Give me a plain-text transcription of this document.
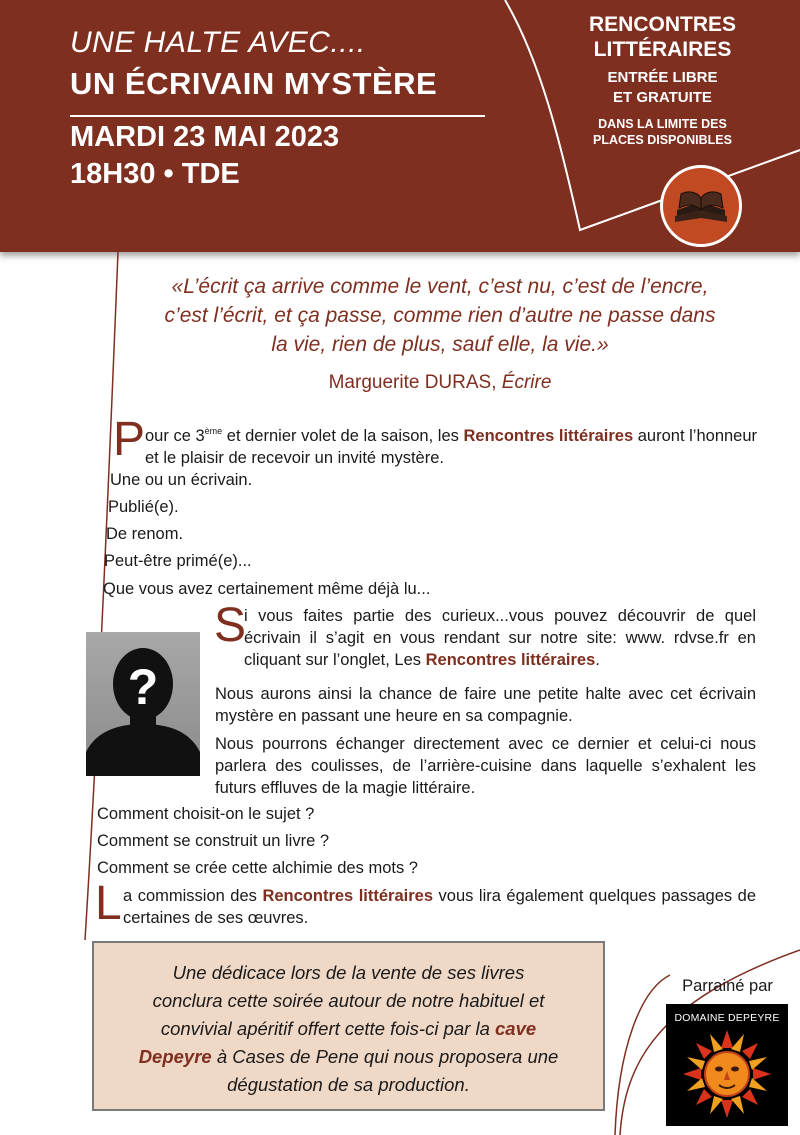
UNE HALTE AVEC....
UN ÉCRIVAIN MYSTÈRE
MARDI 23 MAI 2023
18H30 • TDE
RENCONTRES
LITTÉRAIRES
ENTRÉE LIBRE
ET GRATUITE
DANS LA LIMITE DES
PLACES DISPONIBLES
«L’écrit ça arrive comme le vent, c’est nu, c’est de l’encre,
c’est l’écrit, et ça passe, comme rien d’autre ne passe dans
la vie, rien de plus, sauf elle, la vie.»
Marguerite DURAS, Écrire
P our ce 3ème et dernier volet de la saison, les Rencontres littéraires auront l’honneur et le plaisir de recevoir un invité mystère.
Une ou un écrivain.
Publié(e).
De renom.
Peut-être primé(e)...
Que vous avez certainement même déjà lu...
S
i vous faites partie des curieux...vous pouvez découvrir de quel écrivain il s’agit en vous rendant sur notre site: www. rdvse.fr en cliquant sur l’onglet, Les Rencontres littéraires.
?	Nous aurons ainsi la chance de faire une petite halte avec cet écrivain mystère en passant une heure en sa compagnie.
Nous pourrons échanger directement avec ce dernier et celui-ci nous parlera des coulisses, de l’arrière-cuisine dans laquelle s’exhalent les futurs effluves de la magie littéraire.
Comment choisit-on le sujet ?
Comment se construit un livre ?
Comment se crée cette alchimie des mots ?
L a commission des Rencontres littéraires vous lira également quelques passages de certaines de ses œuvres.
Une dédicace lors de la vente de ses livres
conclura cette soirée autour de notre habituel et
convivial apéritif offert cette fois-ci par la cave
Depeyre à Cases de Pene qui nous proposera une
dégustation de sa production.
Parrainé par
DOMAINE DEPEYRE
